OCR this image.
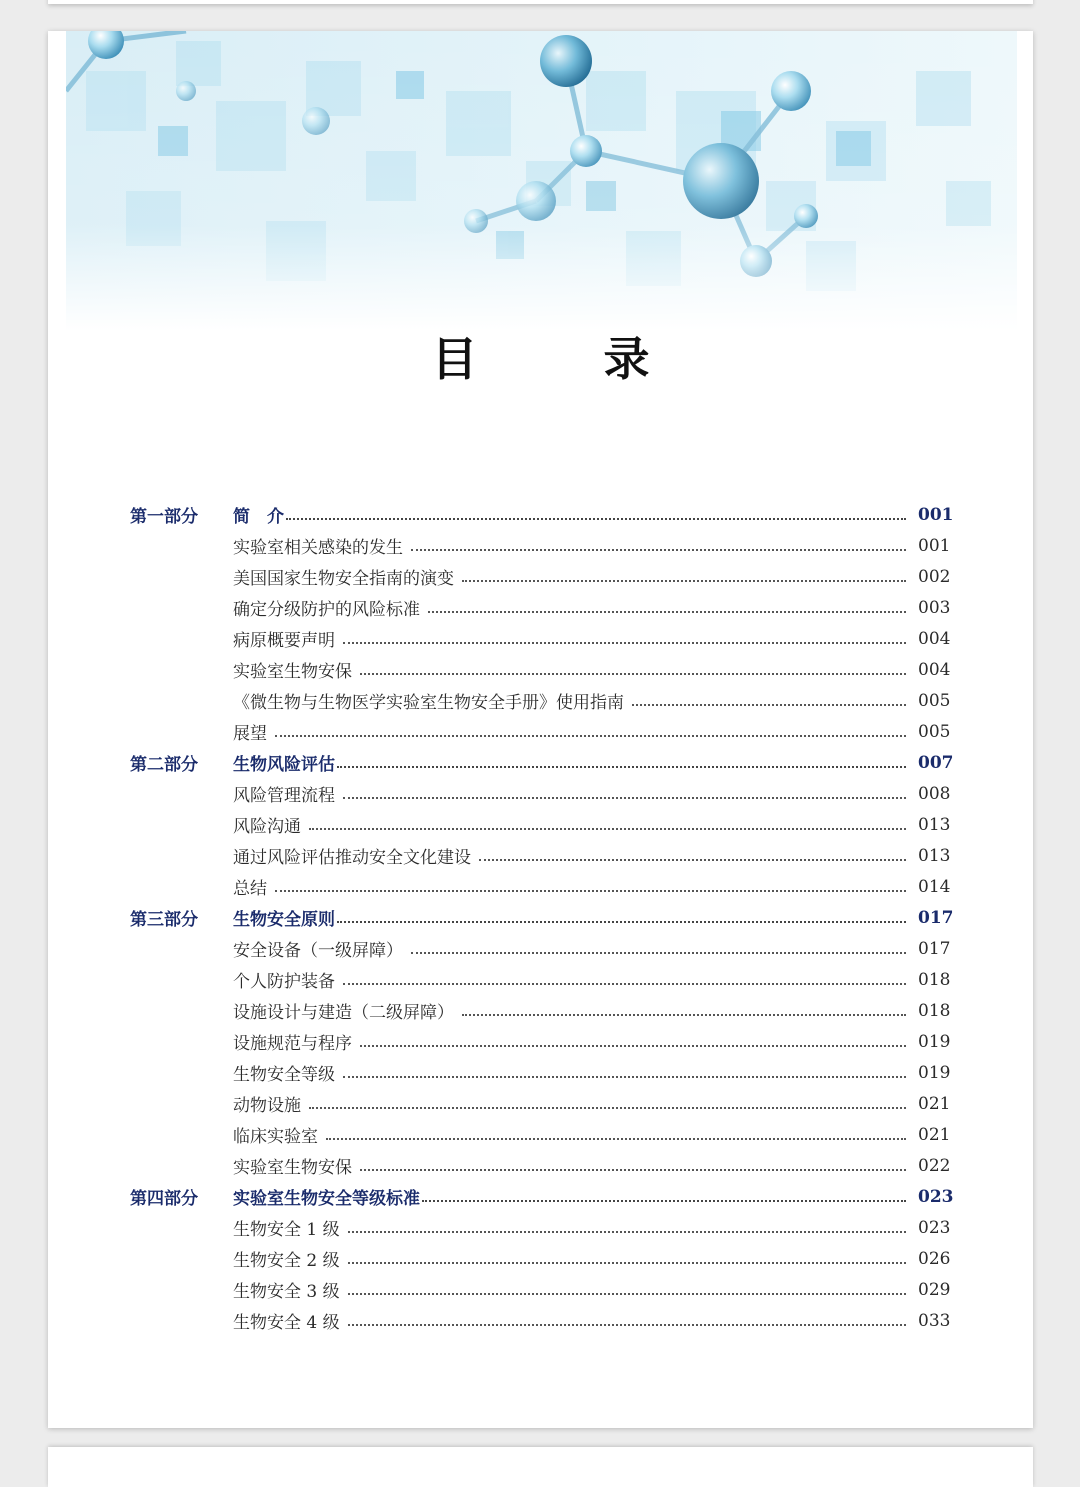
目　录
第一部分	简　介	001
实验室相关感染的发生	001
美国国家生物安全指南的演变	002
确定分级防护的风险标准	003
病原概要声明	004
实验室生物安保	004
《微生物与生物医学实验室生物安全手册》使用指南	005
展望	005
第二部分	生物风险评估	007
风险管理流程	008
风险沟通	013
通过风险评估推动安全文化建设	013
总结	014
第三部分	生物安全原则	017
安全设备（一级屏障）	017
个人防护装备	018
设施设计与建造（二级屏障）	018
设施规范与程序	019
生物安全等级	019
动物设施	021
临床实验室	021
实验室生物安保	022
第四部分	实验室生物安全等级标准	023
生物安全 1 级	023
生物安全 2 级	026
生物安全 3 级	029
生物安全 4 级	033
